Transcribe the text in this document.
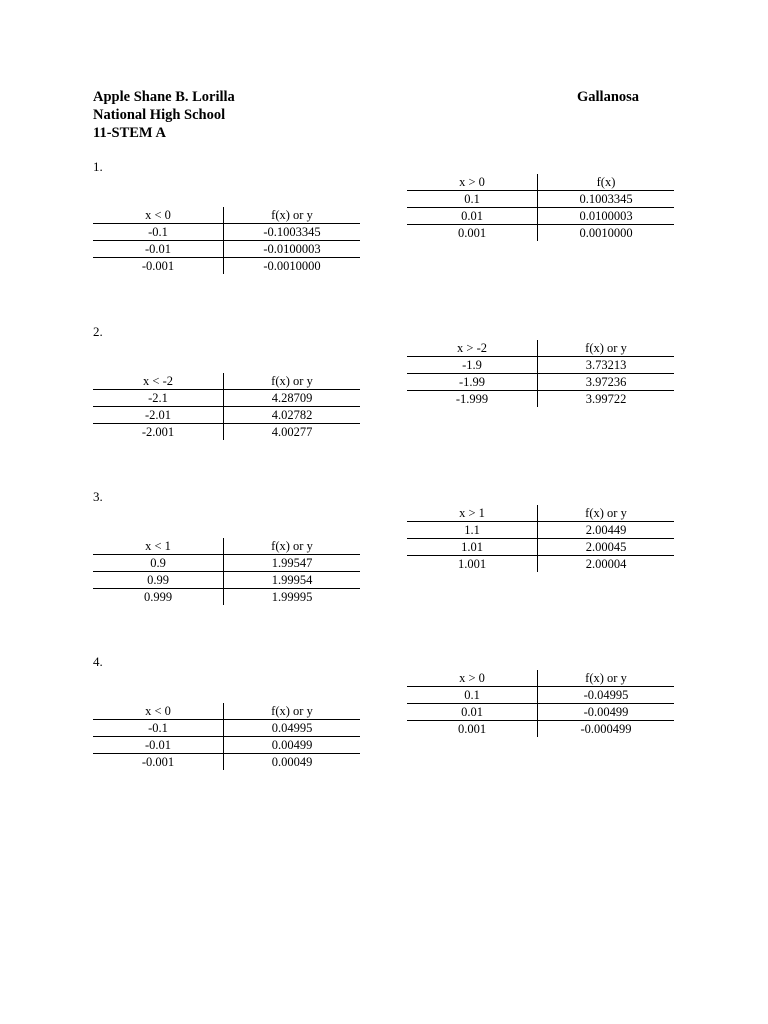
Apple Shane B. Lorilla	Gallanosa
National High School
11-STEM A
1.
x < 0	f(x) or y
-0.1	-0.1003345
-0.01	-0.0100003
-0.001	-0.0010000
x > 0	f(x)
0.1	0.1003345
0.01	0.0100003
0.001	0.0010000
2.
x < -2	f(x) or y
-2.1	4.28709
-2.01	4.02782
-2.001	4.00277
x > -2	f(x) or y
-1.9	3.73213
-1.99	3.97236
-1.999	3.99722
3.
x < 1	f(x) or y
0.9	1.99547
0.99	1.99954
0.999	1.99995
x > 1	f(x) or y
1.1	2.00449
1.01	2.00045
1.001	2.00004
4.
x < 0	f(x) or y
-0.1	0.04995
-0.01	0.00499
-0.001	0.00049
x > 0	f(x) or y
0.1	-0.04995
0.01	-0.00499
0.001	-0.000499
